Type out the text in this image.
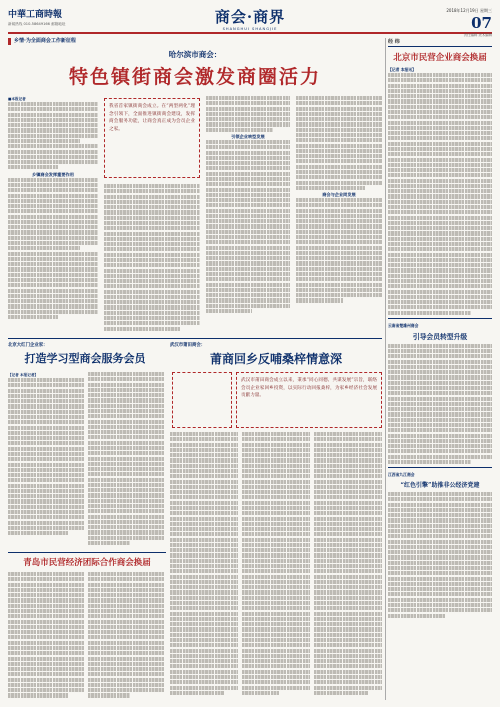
中華工商時報
新闻热线 010-58649166 邮箱地址	商会·商界
SHANGHUI SHANGJIE
2018年12月19日 星期三
07
责任编辑 美术编辑
乡情·为全面商会工作新征程
哈尔滨市商会：
特色镇街商会激发商圈活力
■本报记者
乡镇商会发挥重要作用
我省首家镇街商会成立。在“两型两化”理念引领下，全面推进镇街商会建设，发挥商会服务功能，让商会真正成为会员企业之家。
引领企业转型发展
商会与企业同发展
北京大红门企业家：
打造学习型商会服务会员
【记者 本报记者】
武汉市莆田商会：
莆商回乡反哺桑梓情意深
武汉市莆田商会成立以来，秉承“同心同德、共谋发展”宗旨，联络会员企业家回乡投资，以实际行动回报桑梓，为家乡经济社会发展贡献力量。
青岛市民营经济团际合作商会换届
经 纬
北京市民营企业商会换届
【记者 本报讯】
云南省楚雄州商会
引导会员转型升级
江西省九江商会
“红色引擎”助推非公经济党建
